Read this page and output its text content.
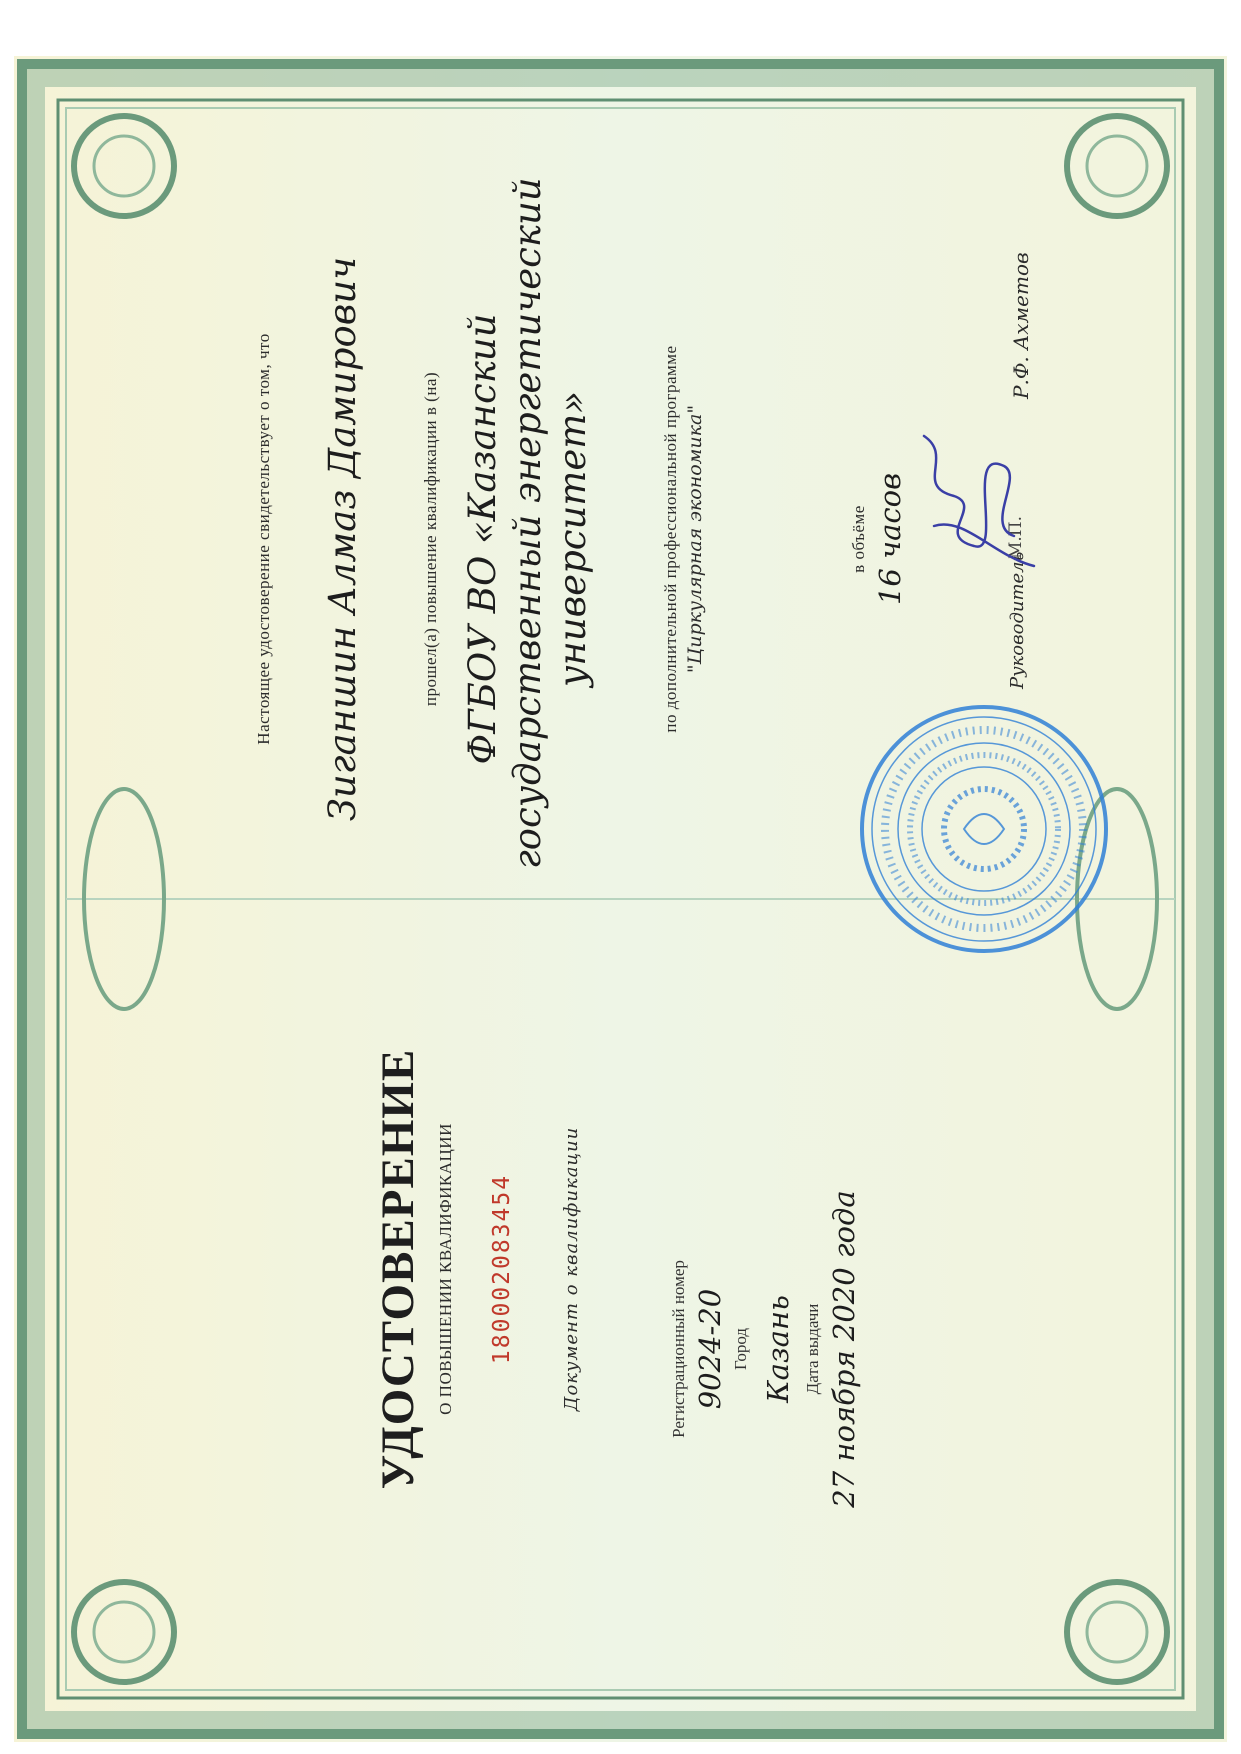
УДОСТОВЕРЕНИЕ О ПОВЫШЕНИИ КВАЛИФИКАЦИИ 180002083454	Документ о квалификации	Регистрационный номер 9024-20 Город Казань Дата выдачи 27 ноября 2020 года
Настоящее удостоверение свидетельствует о том, что Зиганшин Алмаз Дамирович	прошел(а) повышение квалификации в (на) ФГБОУ ВО «Казанский государственный энергетический университет»	по дополнительной профессиональной программе "Циркулярная экономика"	в объёме 16 часов
Руководитель
Р.Ф. Ахметов
М.П.
